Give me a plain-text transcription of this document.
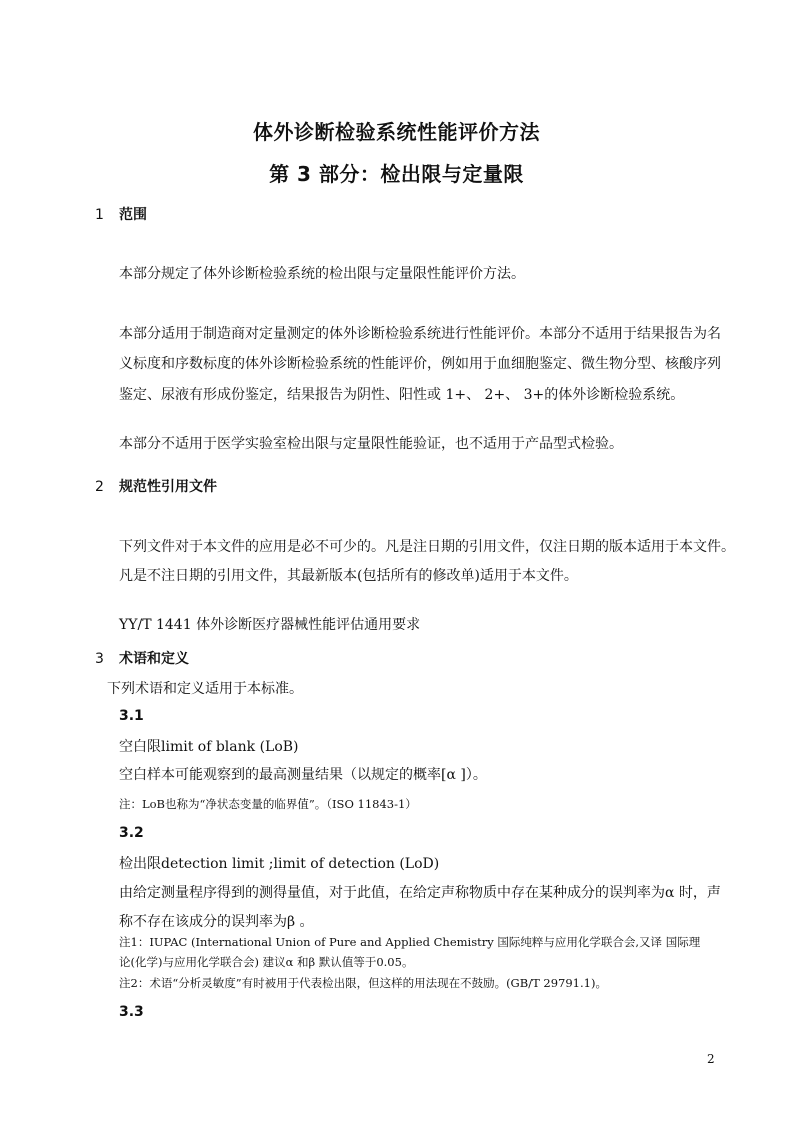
体外诊断检验系统性能评价方法
第 3 部分：检出限与定量限
1 范围
本部分规定了体外诊断检验系统的检出限与定量限性能评价方法。
本部分适用于制造商对定量测定的体外诊断检验系统进行性能评价。本部分不适用于结果报告为名
义标度和序数标度的体外诊断检验系统的性能评价，例如用于血细胞鉴定、微生物分型、核酸序列
鉴定、尿液有形成份鉴定，结果报告为阴性、阳性或 1+、 2+、 3+的体外诊断检验系统。
本部分不适用于医学实验室检出限与定量限性能验证，也不适用于产品型式检验。
2 规范性引用文件
下列文件对于本文件的应用是必不可少的。凡是注日期的引用文件，仅注日期的版本适用于本文件。
凡是不注日期的引用文件，其最新版本(包括所有的修改单)适用于本文件。
YY/T 1441 体外诊断医疗器械性能评估通用要求
3 术语和定义
下列术语和定义适用于本标准。
3.1
空白限limit of blank (LoB)
空白样本可能观察到的最高测量结果（以规定的概率[α ]）。
注：LoB也称为“净状态变量的临界值”。（ISO 11843-1）
3.2
检出限detection limit ;limit of detection (LoD)
由给定测量程序得到的测得量值，对于此值，在给定声称物质中存在某种成分的误判率为α 时，声
称不存在该成分的误判率为β 。
注1：IUPAC (International Union of Pure and Applied Chemistry 国际纯粹与应用化学联合会,又译 国际理
论(化学)与应用化学联合会) 建议α 和β 默认值等于0.05。
注2：术语“分析灵敏度”有时被用于代表检出限，但这样的用法现在不鼓励。(GB/T 29791.1)。
3.3
2
